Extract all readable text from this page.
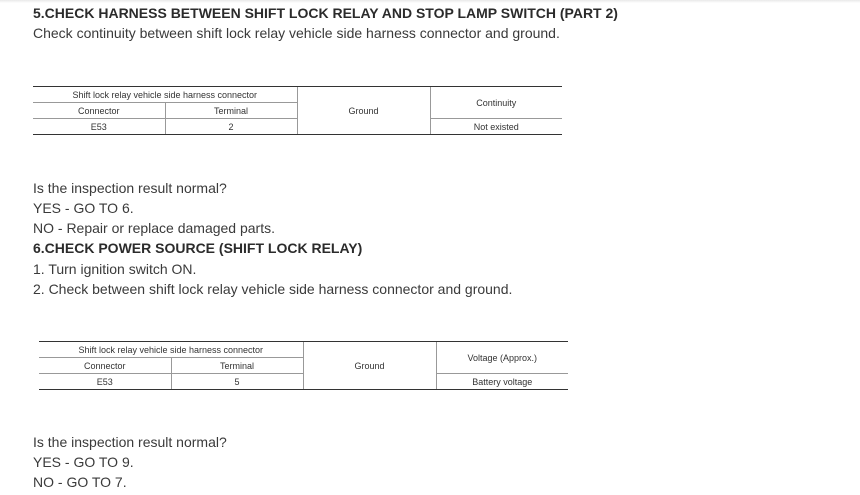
5.CHECK HARNESS BETWEEN SHIFT LOCK RELAY AND STOP LAMP SWITCH (PART 2)
Check continuity between shift lock relay vehicle side harness connector and ground.
Shift lock relay vehicle side harness connector		Ground	Continuity
Connector	Terminal		
E53	2		Not existed
Is the inspection result normal?
YES - GO TO 6.
NO - Repair or replace damaged parts.
6.CHECK POWER SOURCE (SHIFT LOCK RELAY)
1. Turn ignition switch ON.
2. Check between shift lock relay vehicle side harness connector and ground.
Shift lock relay vehicle side harness connector		Ground	Voltage (Approx.)
Connector	Terminal		
E53	5		Battery voltage
Is the inspection result normal?
YES - GO TO 9.
NO - GO TO 7.
